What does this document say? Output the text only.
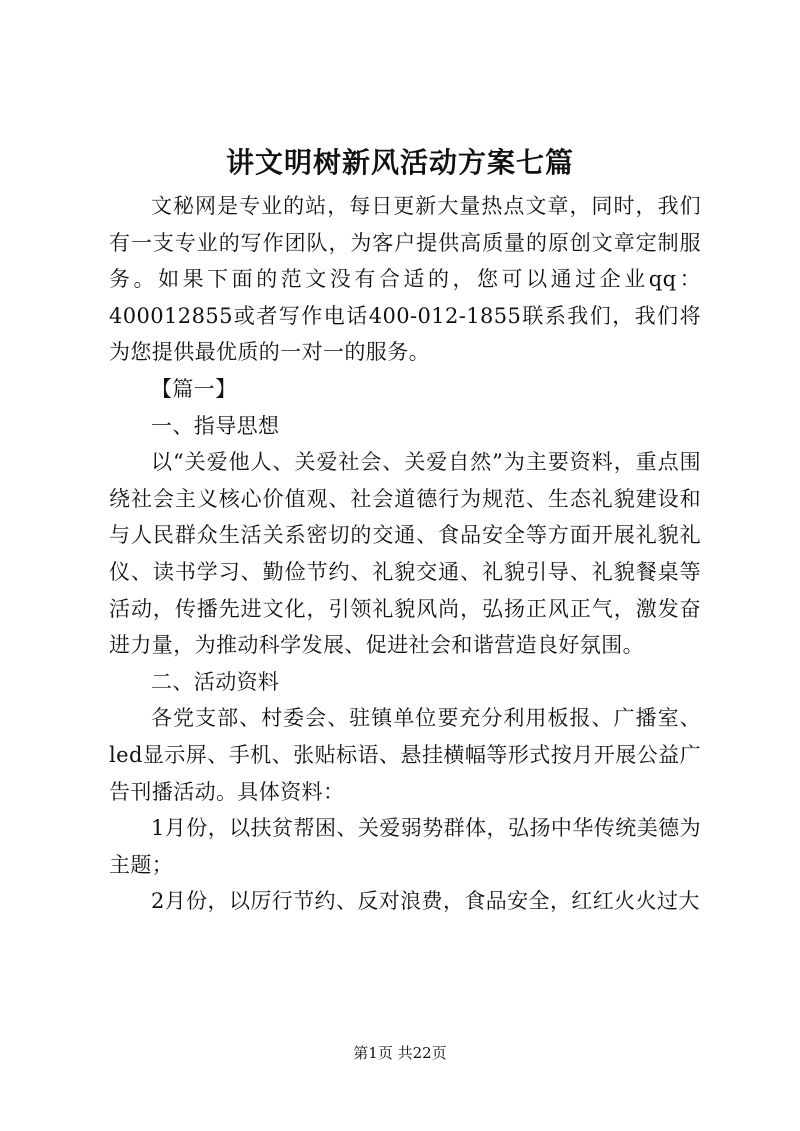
讲文明树新风活动方案七篇

文秘网是专业的站，每日更新大量热点文章，同时，我们有一支专业的写作团队，为客户提供高质量的原创文章定制服务。如果下面的范文没有合适的，您可以通过企业qq：400012855或者写作电话400-012-1855联系我们，我们将为您提供最优质的一对一的服务。

【篇一】

一、指导思想

以“关爱他人、关爱社会、关爱自然”为主要资料，重点围绕社会主义核心价值观、社会道德行为规范、生态礼貌建设和与人民群众生活关系密切的交通、食品安全等方面开展礼貌礼仪、读书学习、勤俭节约、礼貌交通、礼貌引导、礼貌餐桌等活动，传播先进文化，引领礼貌风尚，弘扬正风正气，激发奋进力量，为推动科学发展、促进社会和谐营造良好氛围。

二、活动资料

各党支部、村委会、驻镇单位要充分利用板报、广播室、led显示屏、手机、张贴标语、悬挂横幅等形式按月开展公益广告刊播活动。具体资料：

1月份，以扶贫帮困、关爱弱势群体，弘扬中华传统美德为主题；

2月份，以厉行节约、反对浪费，食品安全，红红火火过大

第1页 共22页
